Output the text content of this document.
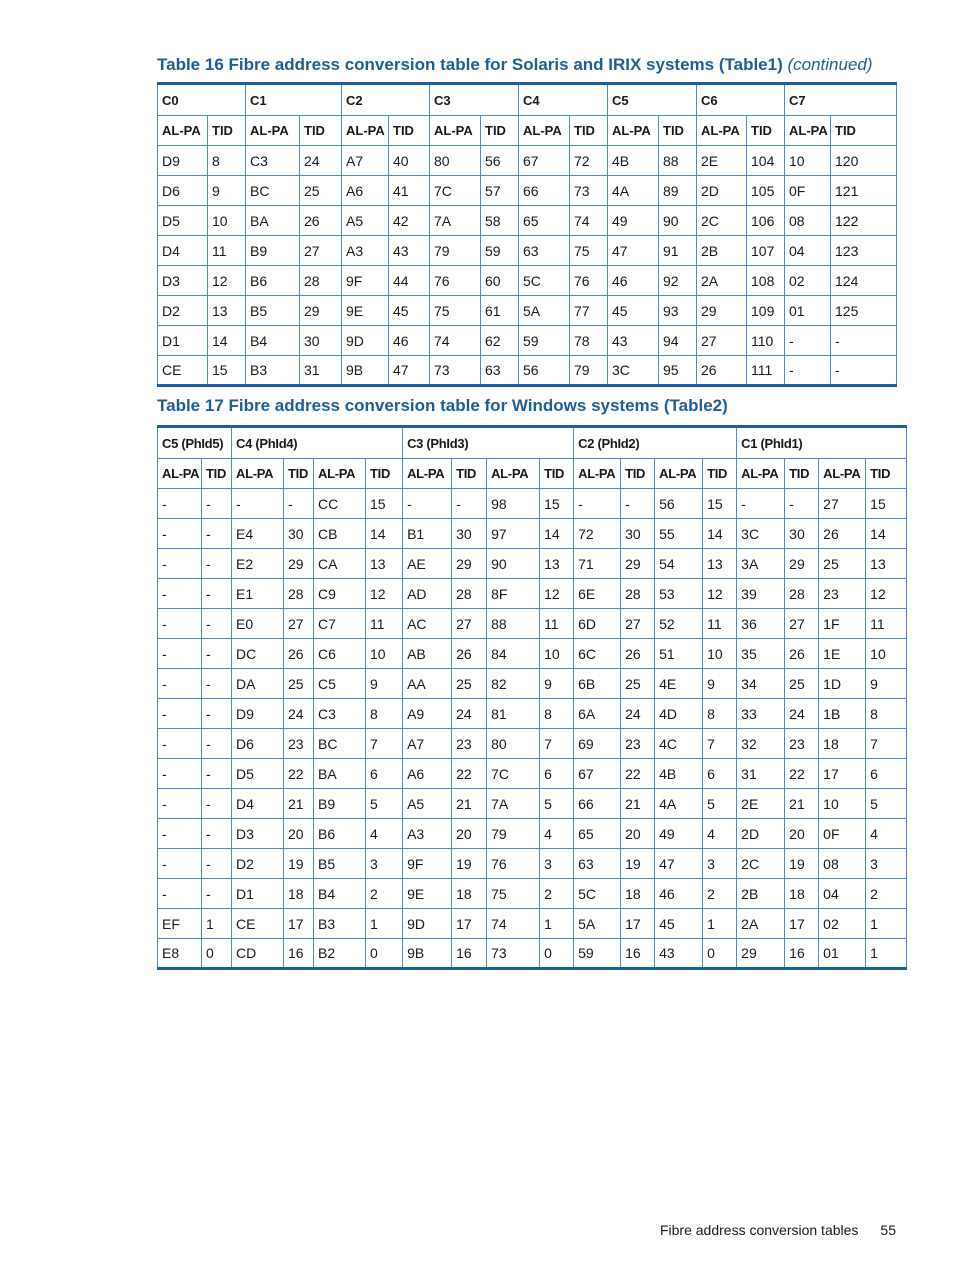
Table 16 Fibre address conversion table for Solaris and IRIX systems (Table1) (continued)
C0		C1		C2		C3		C4		C5		C6		C7	
AL-PA	TID	AL-PA	TID	AL-PA	TID	AL-PA	TID	AL-PA	TID	AL-PA	TID	AL-PA	TID	AL-PA	TID
D9	8	C3	24	A7	40	80	56	67	72	4B	88	2E	104	10	120
D6	9	BC	25	A6	41	7C	57	66	73	4A	89	2D	105	0F	121
D5	10	BA	26	A5	42	7A	58	65	74	49	90	2C	106	08	122
D4	11	B9	27	A3	43	79	59	63	75	47	91	2B	107	04	123
D3	12	B6	28	9F	44	76	60	5C	76	46	92	2A	108	02	124
D2	13	B5	29	9E	45	75	61	5A	77	45	93	29	109	01	125
D1	14	B4	30	9D	46	74	62	59	78	43	94	27	110	-	-
CE	15	B3	31	9B	47	73	63	56	79	3C	95	26	111	-	-
Table 17 Fibre address conversion table for Windows systems (Table2)
C5 (PhId5)		C4 (PhId4)				C3 (PhId3)				C2 (PhId2)				C1 (PhId1)			
AL-PA	TID	AL-PA	TID	AL-PA	TID	AL-PA	TID	AL-PA	TID	AL-PA	TID	AL-PA	TID	AL-PA	TID	AL-PA	TID
-	-	-	-	CC	15	-	-	98	15	-	-	56	15	-	-	27	15
-	-	E4	30	CB	14	B1	30	97	14	72	30	55	14	3C	30	26	14
-	-	E2	29	CA	13	AE	29	90	13	71	29	54	13	3A	29	25	13
-	-	E1	28	C9	12	AD	28	8F	12	6E	28	53	12	39	28	23	12
-	-	E0	27	C7	11	AC	27	88	11	6D	27	52	11	36	27	1F	11
-	-	DC	26	C6	10	AB	26	84	10	6C	26	51	10	35	26	1E	10
-	-	DA	25	C5	9	AA	25	82	9	6B	25	4E	9	34	25	1D	9
-	-	D9	24	C3	8	A9	24	81	8	6A	24	4D	8	33	24	1B	8
-	-	D6	23	BC	7	A7	23	80	7	69	23	4C	7	32	23	18	7
-	-	D5	22	BA	6	A6	22	7C	6	67	22	4B	6	31	22	17	6
-	-	D4	21	B9	5	A5	21	7A	5	66	21	4A	5	2E	21	10	5
-	-	D3	20	B6	4	A3	20	79	4	65	20	49	4	2D	20	0F	4
-	-	D2	19	B5	3	9F	19	76	3	63	19	47	3	2C	19	08	3
-	-	D1	18	B4	2	9E	18	75	2	5C	18	46	2	2B	18	04	2
EF	1	CE	17	B3	1	9D	17	74	1	5A	17	45	1	2A	17	02	1
E8	0	CD	16	B2	0	9B	16	73	0	59	16	43	0	29	16	01	1
Fibre address conversion tables 55
